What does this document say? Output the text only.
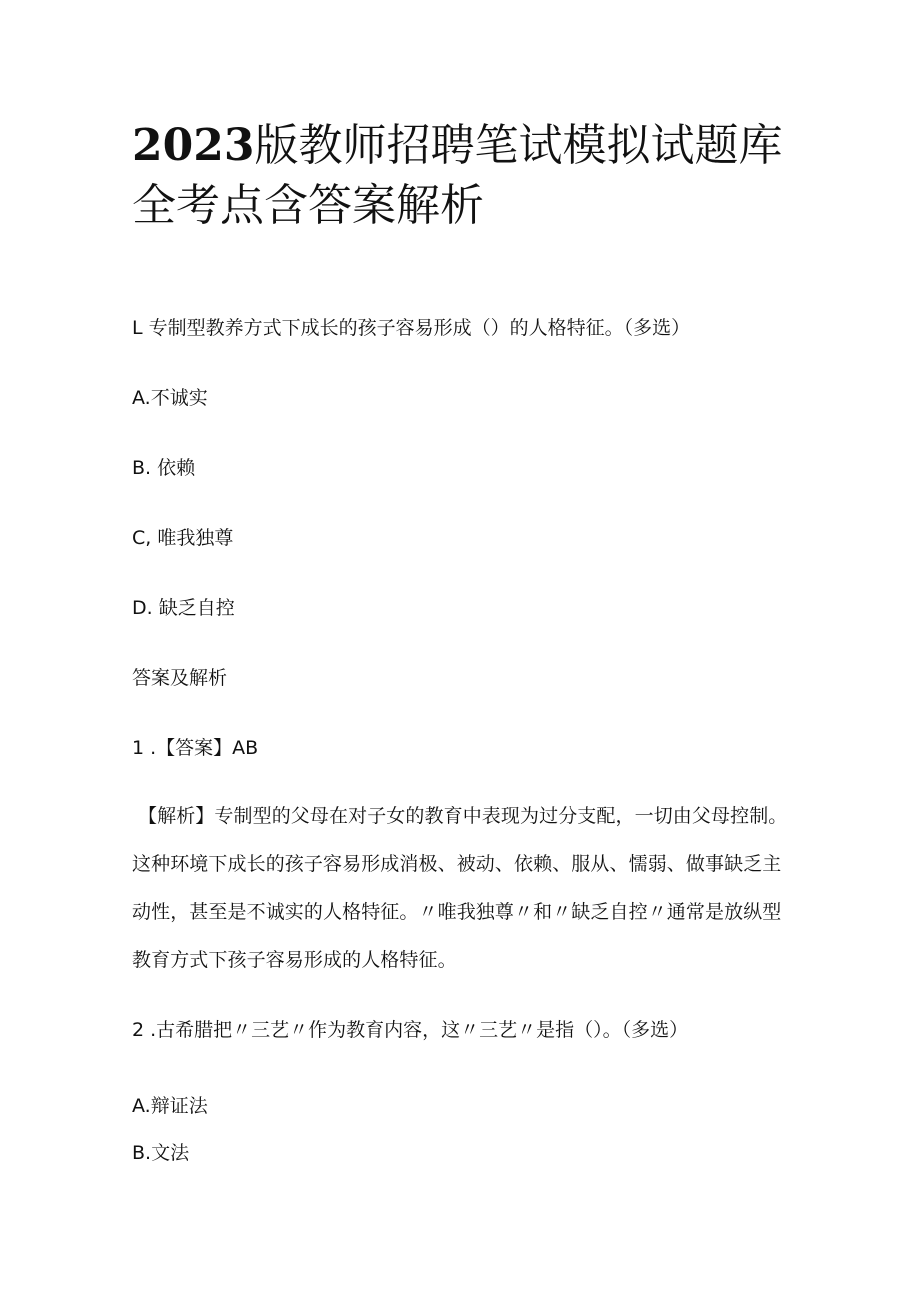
2023版教师招聘笔试模拟试题库全考点含答案解析

L 专制型教养方式下成长的孩子容易形成（）的人格特征。（多选）

A.不诚实

B. 依赖

C, 唯我独尊

D. 缺乏自控

答案及解析

1 .【答案】AB

【解析】专制型的父母在对子女的教育中表现为过分支配，一切由父母控制。这种环境下成长的孩子容易形成消极、被动、依赖、服从、懦弱、做事缺乏主动性，甚至是不诚实的人格特征。〃唯我独尊〃和〃缺乏自控〃通常是放纵型教育方式下孩子容易形成的人格特征。

2 .古希腊把〃三艺〃作为教育内容，这〃三艺〃是指（）。（多选）

A.辩证法

B.文法
